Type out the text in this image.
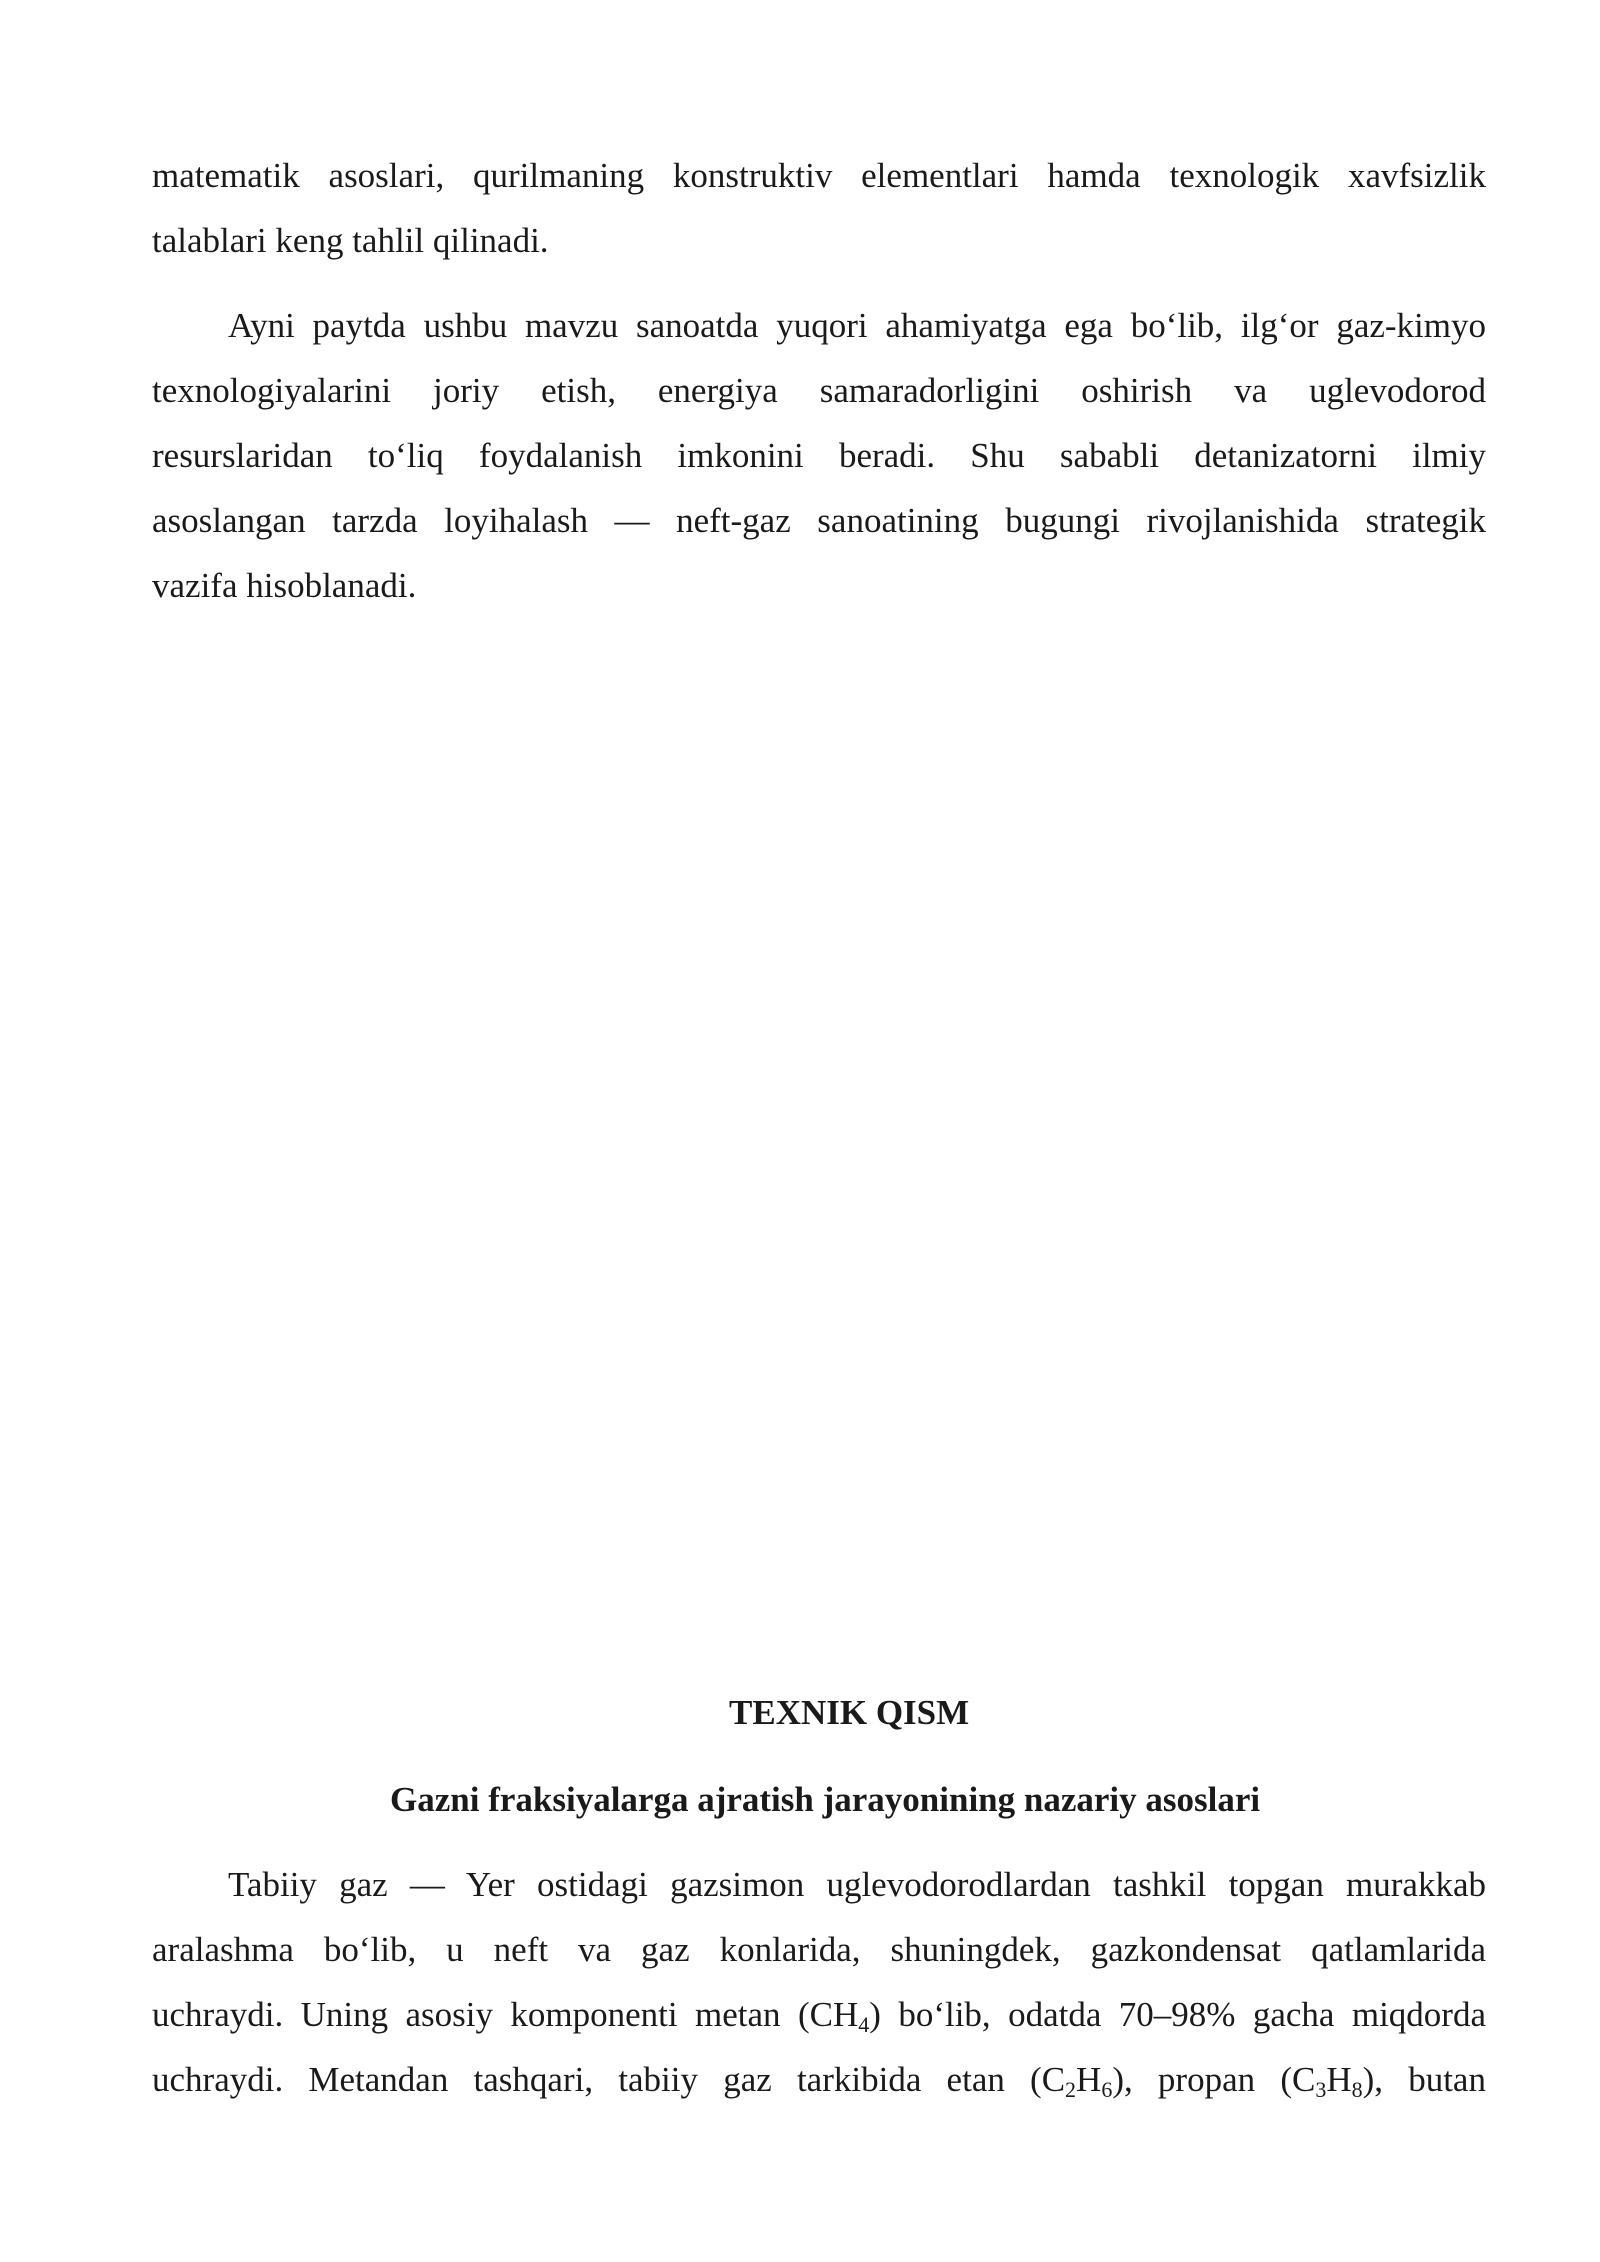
matematik asoslari, qurilmaning konstruktiv elementlari hamda texnologik xavfsizlik
talablari keng tahlil qilinadi.
Ayni paytda ushbu mavzu sanoatda yuqori ahamiyatga ega bo‘lib, ilg‘or gaz-kimyo
texnologiyalarini joriy etish, energiya samaradorligini oshirish va uglevodorod
resurslaridan to‘liq foydalanish imkonini beradi. Shu sababli detanizatorni ilmiy
asoslangan tarzda loyihalash — neft-gaz sanoatining bugungi rivojlanishida strategik
vazifa hisoblanadi.
TEXNIK QISM
Gazni fraksiyalarga ajratish jarayonining nazariy asoslari
Tabiiy gaz — Yer ostidagi gazsimon uglevodorodlardan tashkil topgan murakkab
aralashma bo‘lib, u neft va gaz konlarida, shuningdek, gazkondensat qatlamlarida
uchraydi. Uning asosiy komponenti metan $(CH_4)$ bo‘lib, odatda 70–98% gacha miqdorda
uchraydi. Metandan tashqari, tabiiy gaz tarkibida etan $(C_2H_6)$, propan $(C_3H_8)$, butan
